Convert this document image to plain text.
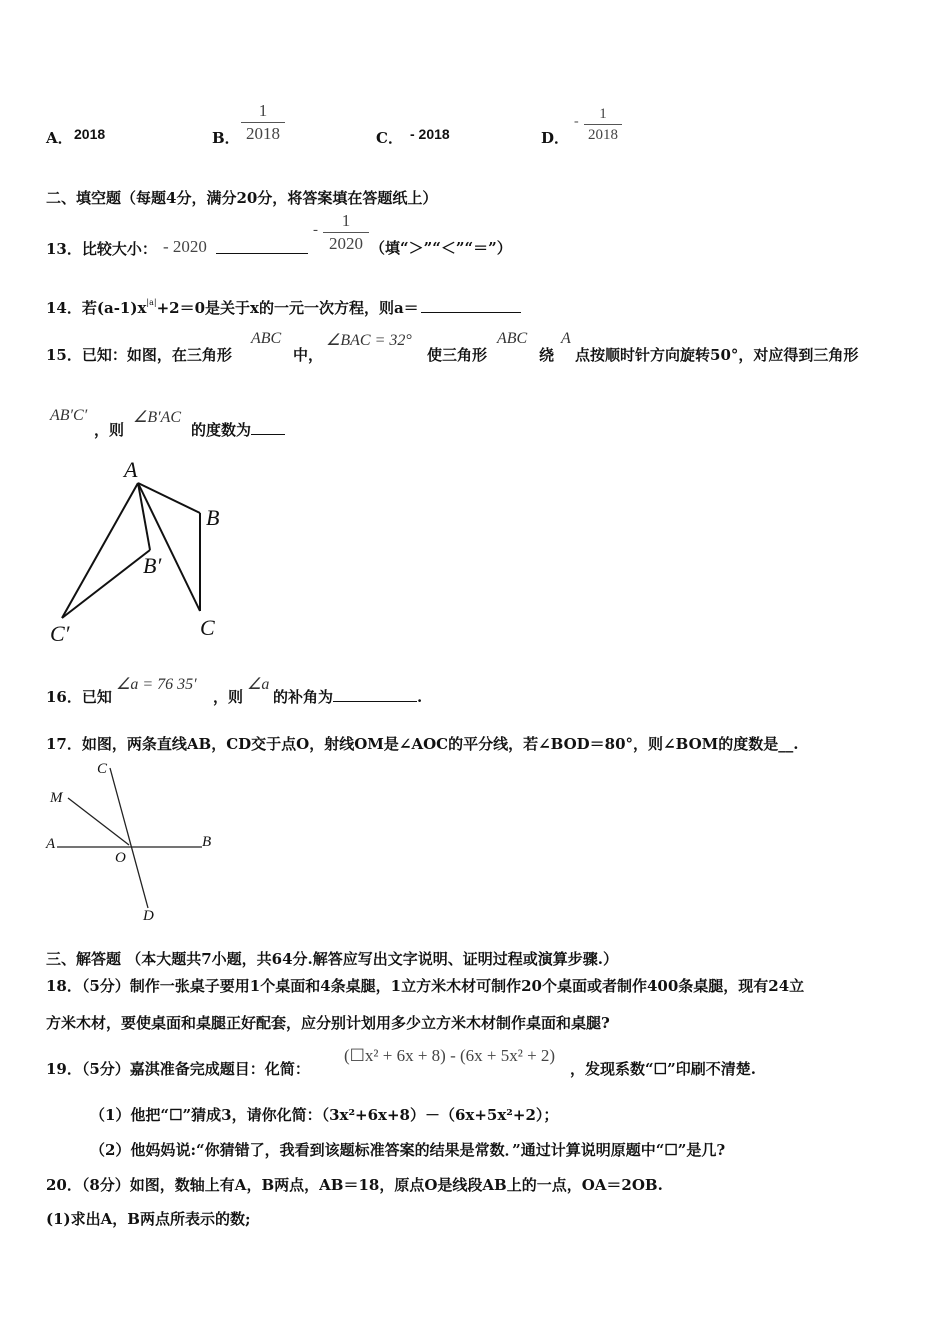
A． 2018	B．
1
2018	C． - 2018	D．
-	1
2018
二、填空题（每题4分，满分20分，将答案填在答题纸上）
13．比较大小： - 2020
-	1
2020 （填“＞”“＜”“＝”）
14．若$(a-1)x^{|a|}+2=0$是关于x的一元一次方程，则a＝
15．已知：如图，在三角形
ABC
中，
∠BAC = 32°
使三角形
ABC
绕
A
点按顺时针方向旋转50°，对应得到三角形
AB′C′
，则
∠B′AC
的度数为
A
B
B′
C
C′
16．已知
∠a = 76 35′
，则
∠a
的补角为	.
17．如图，两条直线AB，CD交于点O，射线OM是∠AOC的平分线，若∠BOD＝80°，则∠BOM的度数是__.
C
M
A	B
O
D
三、解答题 （本大题共7小题，共64分.解答应写出文字说明、证明过程或演算步骤.）
18．（5分）制作一张桌子要用1个桌面和4条桌腿，1立方米木材可制作20个桌面或者制作400条桌腿，现有24立
方米木材，要使桌面和桌腿正好配套，应分别计划用多少立方米木材制作桌面和桌腿?
19．（5分）嘉淇准备完成题目：化简：
(☐x² + 6x + 8) - (6x + 5x² + 2)
，发现系数“☐”印刷不清楚.
（1）他把“☐”猜成3，请你化简：（3x²+6x+8）－（6x+5x²+2）；
（2）他妈妈说:“你猜错了，我看到该题标准答案的结果是常数．”通过计算说明原题中“☐”是几?
20．（8分）如图，数轴上有A，B两点，AB＝18，原点O是线段AB上的一点，OA＝2OB.
(1)求出A，B两点所表示的数;
